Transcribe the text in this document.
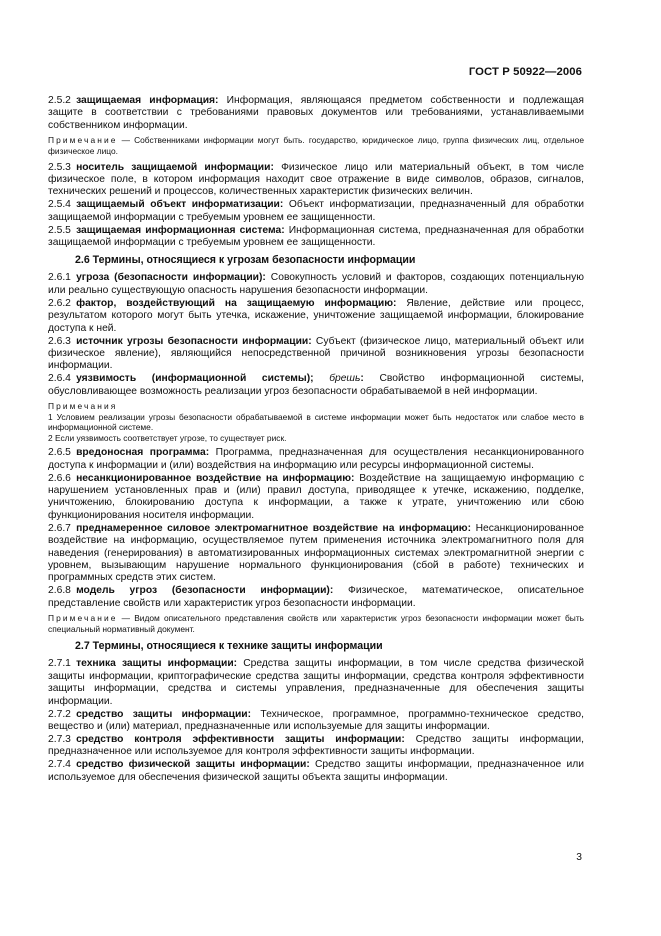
ГОСТ Р 50922—2006

2.5.2  защищаемая информация: Информация, являющаяся предметом собственности и подлежащая защите в соответствии с требованиями правовых документов или требованиями, устанавливаемыми собственником информации.

Примечание — Собственниками информации могут быть. государство, юридическое лицо, группа физических лиц, отдельное физическое лицо.

2.5.3  носитель защищаемой информации: Физическое лицо или материальный объект, в том числе физическое поле, в котором информация находит свое отражение в виде символов, образов, сигналов, технических решений и процессов, количественных характеристик физических величин.

2.5.4  защищаемый объект информатизации: Объект информатизации, предназначенный для обработки защищаемой информации с требуемым уровнем ее защищенности.

2.5.5  защищаемая информационная система: Информационная система, предназначенная для обработки защищаемой информации с требуемым уровнем ее защищенности.

2.6 Термины, относящиеся к угрозам безопасности информации

2.6.1  угроза (безопасности информации): Совокупность условий и факторов, создающих потенциальную или реально существующую опасность нарушения безопасности информации.

2.6.2  фактор, воздействующий на защищаемую информацию: Явление, действие или процесс, результатом которого могут быть утечка, искажение, уничтожение защищаемой информации, блокирование доступа к ней.

2.6.3  источник угрозы безопасности информации: Субъект (физическое лицо, материальный объект или физическое явление), являющийся непосредственной причиной возникновения угрозы безопасности информации.

2.6.4  уязвимость (информационной системы); брешь: Свойство информационной системы, обусловливающее возможность реализации угроз безопасности обрабатываемой в ней информации.

Примечания

1 Условием реализации угрозы безопасности обрабатываемой в системе информации может быть недостаток или слабое место в информационной системе.

2 Если уязвимость соответствует угрозе, то существует риск.

2.6.5  вредоносная программа: Программа, предназначенная для осуществления несанкционированного доступа к информации и (или) воздействия на информацию или ресурсы информационной системы.

2.6.6  несанкционированное воздействие на информацию: Воздействие на защищаемую информацию с нарушением установленных прав и (или) правил доступа, приводящее к утечке, искажению, подделке, уничтожению, блокированию доступа к информации, а также к утрате, уничтожению или сбою функционирования носителя информации.

2.6.7  преднамеренное силовое электромагнитное воздействие на информацию: Несанкционированное воздействие на информацию, осуществляемое путем применения источника электромагнитного поля для наведения (генерирования) в автоматизированных информационных системах электромагнитной энергии с уровнем, вызывающим нарушение нормального функционирования (сбой в работе) технических и программных средств этих систем.

2.6.8  модель угроз (безопасности информации): Физическое, математическое, описательное представление свойств или характеристик угроз безопасности информации.

Примечание — Видом описательного представления свойств или характеристик угроз безопасности информации может быть специальный нормативный документ.

2.7 Термины, относящиеся к технике защиты информации

2.7.1  техника защиты информации: Средства защиты информации, в том числе средства физической защиты информации, криптографические средства защиты информации, средства контроля эффективности защиты информации, средства и системы управления, предназначенные для обеспечения защиты информации.

2.7.2  средство защиты информации: Техническое, программное, программно-техническое средство, вещество и (или) материал, предназначенные или используемые для защиты информации.

2.7.3  средство контроля эффективности защиты информации: Средство защиты информации, предназначенное или используемое для контроля эффективности защиты информации.

2.7.4  средство физической защиты информации: Средство защиты информации, предназначенное или используемое для обеспечения физической защиты объекта защиты информации.

3
